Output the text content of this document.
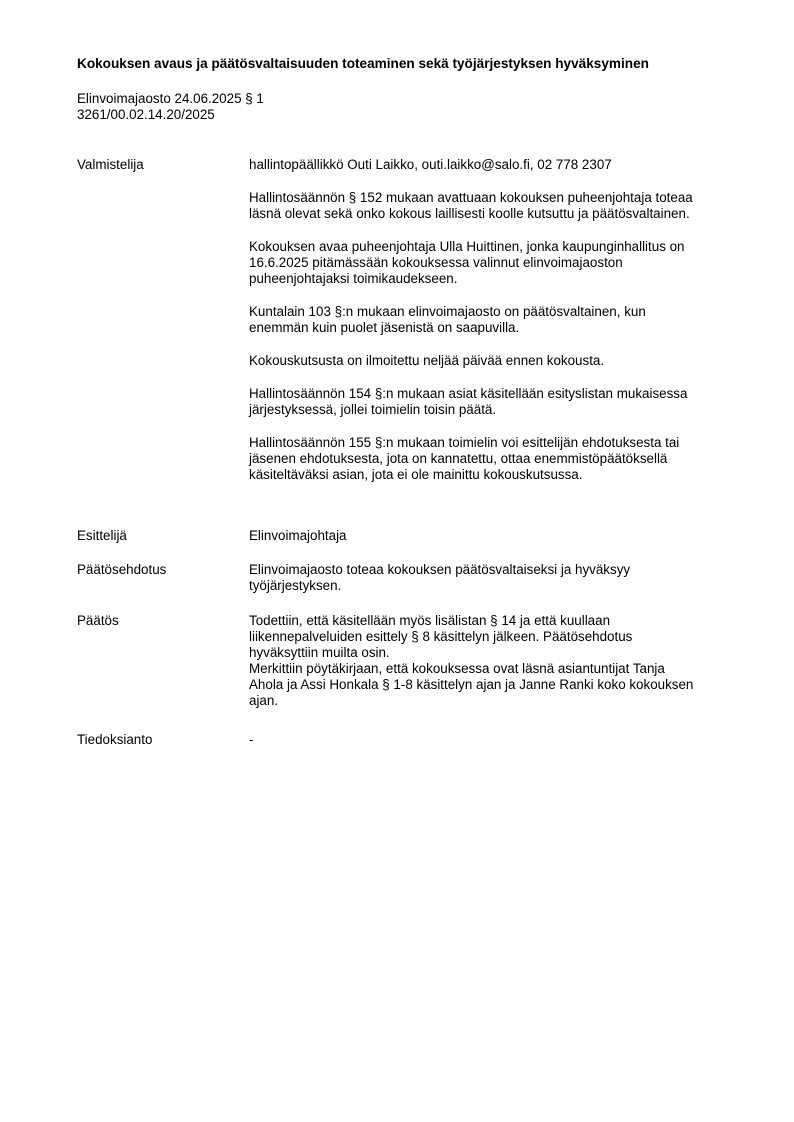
Kokouksen avaus ja päätösvaltaisuuden toteaminen sekä työjärjestyksen hyväksyminen
Elinvoimajaosto 24.06.2025 § 1
3261/00.02.14.20/2025
Valmistelija	hallintopäällikkö Outi Laikko, outi.laikko@salo.fi, 02 778 2307
Hallintosäännön § 152 mukaan avattuaan kokouksen puheenjohtaja toteaa
läsnä olevat sekä onko kokous laillisesti koolle kutsuttu ja päätösvaltainen.
Kokouksen avaa puheenjohtaja Ulla Huittinen, jonka kaupunginhallitus on
16.6.2025 pitämässään kokouksessa valinnut elinvoimajaoston
puheenjohtajaksi toimikaudekseen.
Kuntalain 103 §:n mukaan elinvoimajaosto on päätösvaltainen, kun
enemmän kuin puolet jäsenistä on saapuvilla.
Kokouskutsusta on ilmoitettu neljää päivää ennen kokousta.
Hallintosäännön 154 §:n mukaan asiat käsitellään esityslistan mukaisessa
järjestyksessä, jollei toimielin toisin päätä.
Hallintosäännön 155 §:n mukaan toimielin voi esittelijän ehdotuksesta tai
jäsenen ehdotuksesta, jota on kannatettu, ottaa enemmistöpäätöksellä
käsiteltäväksi asian, jota ei ole mainittu kokouskutsussa.
Esittelijä	Elinvoimajohtaja
Päätösehdotus	Elinvoimajaosto toteaa kokouksen päätösvaltaiseksi ja hyväksyy
työjärjestyksen.
Päätös	Todettiin, että käsitellään myös lisälistan § 14 ja että kuullaan
liikennepalveluiden esittely § 8 käsittelyn jälkeen. Päätösehdotus
hyväksyttiin muilta osin.
Merkittiin pöytäkirjaan, että kokouksessa ovat läsnä asiantuntijat Tanja
Ahola ja Assi Honkala § 1-8 käsittelyn ajan ja Janne Ranki koko kokouksen
ajan.
Tiedoksianto	-
